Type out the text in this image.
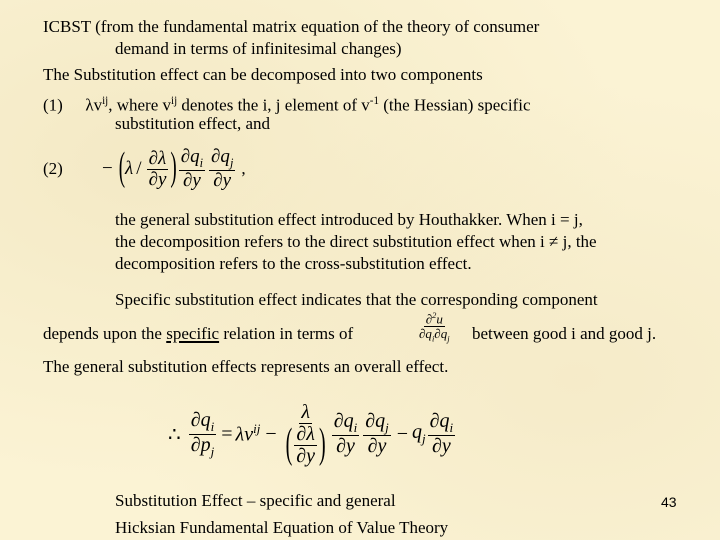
ICBST (from the fundamental matrix equation of the theory of consumer
demand in terms of infinitesimal changes)
The Substitution effect can be decomposed into two components
(1) $\lambda v^{ij}$, where $v^{ij}$ denotes the i, j element of $v^{-1}$ (the Hessian) specific
substitution effect, and
(2) − ( λ / $\frac{\partial\lambda}{\partial y}$ ) $\frac{\partial q_i}{\partial y} \frac{\partial q_j}{\partial y}$ ,
the general substitution effect introduced by Houthakker. When i = j,
the decomposition refers to the direct substitution effect when i ≠ j, the
decomposition refers to the cross-substitution effect.
Specific substitution effect indicates that the corresponding component
depends upon the specific relation in terms of	$\frac{\partial^2u}{\partial q_i\partial q_j}$ between good i and good j.
The general substitution effects represents an overall effect.
∴ $\frac{\partial q_i}{\partial p_j} = \lambda v^{ij} - \frac{\lambda}{( \frac{\partial\lambda}{\partial y} )} \frac{\partial q_i}{\partial y} \frac{\partial q_j}{\partial y} - q_j \frac{\partial q_i}{\partial y}$
Substitution Effect – specific and general
Hicksian Fundamental Equation of Value Theory
43
